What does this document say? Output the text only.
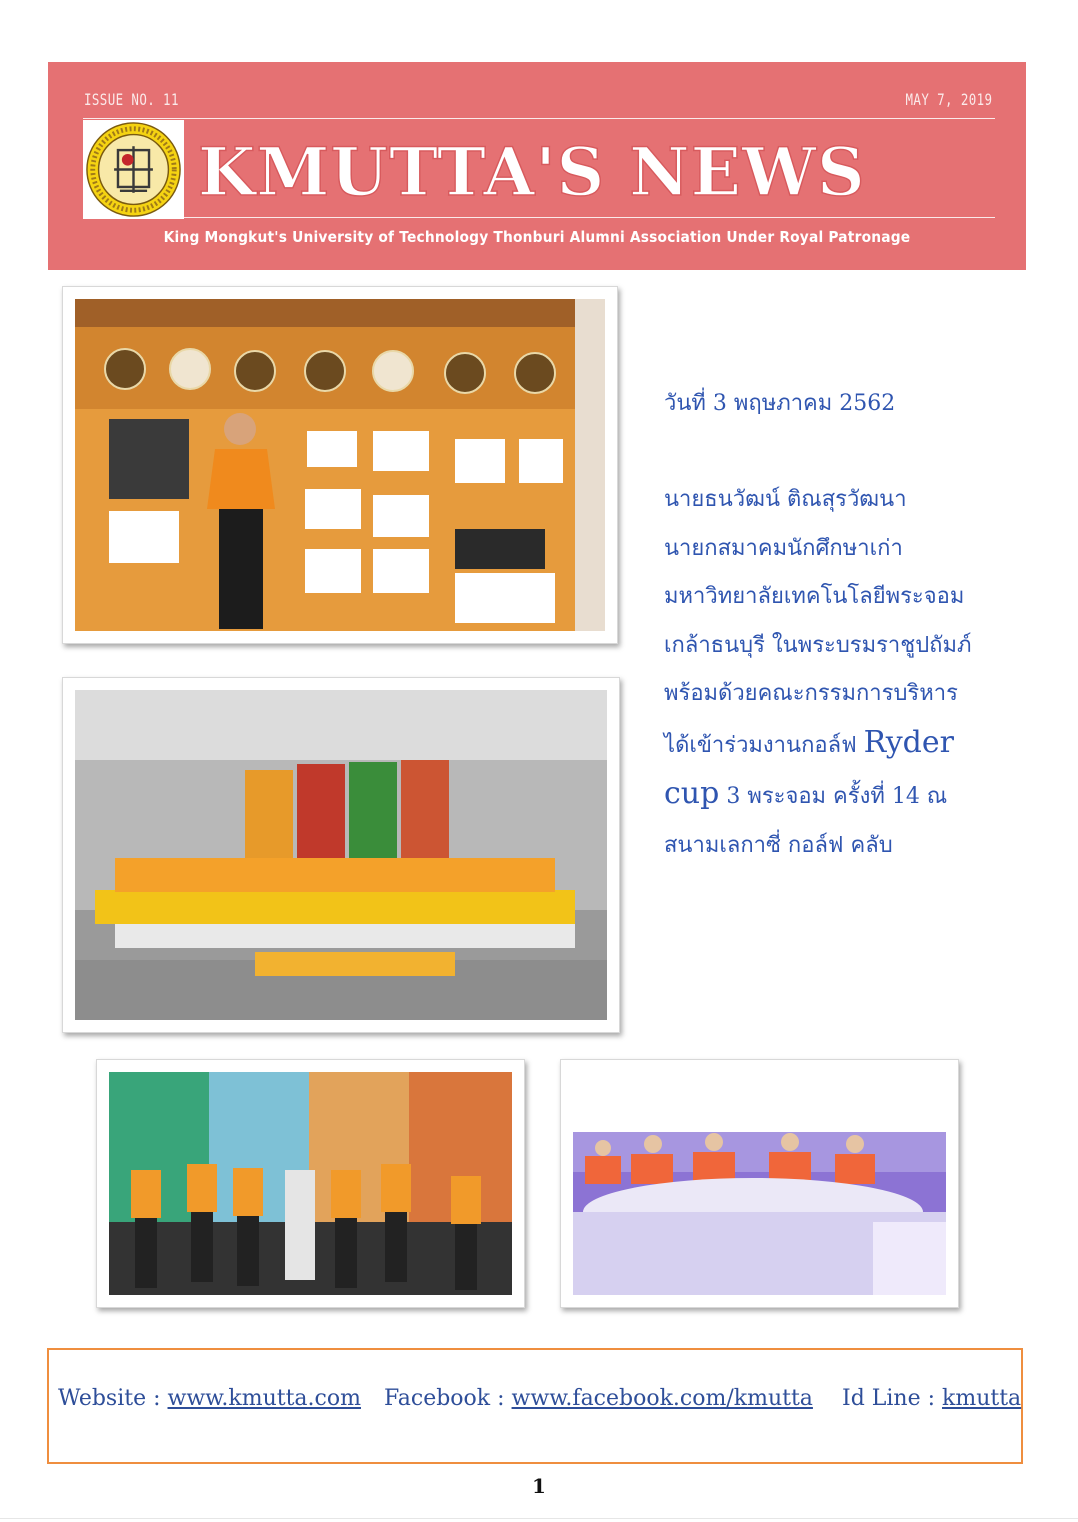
ISSUE NO. 11	MAY 7, 2019
KMUTTA'S NEWS
King Mongkut's University of Technology Thonburi Alumni Association Under Royal Patronage

วันที่ 3 พฤษภาคม 2562

นายธนวัฒน์ ติณสุรวัฒนา
นายกสมาคมนักศึกษาเก่า
มหาวิทยาลัยเทคโนโลยีพระจอม
เกล้าธนบุรี ในพระบรมราชูปถัมภ์
พร้อมด้วยคณะกรรมการบริหาร
ได้เข้าร่วมงานกอล์ฟ Ryder
cup 3 พระจอม ครั้งที่ 14 ณ
สนามเลกาซี่ กอล์ฟ คลับ

Website : www.kmutta.com Facebook : www.facebook.com/kmutta Id Line : kmutta
1
